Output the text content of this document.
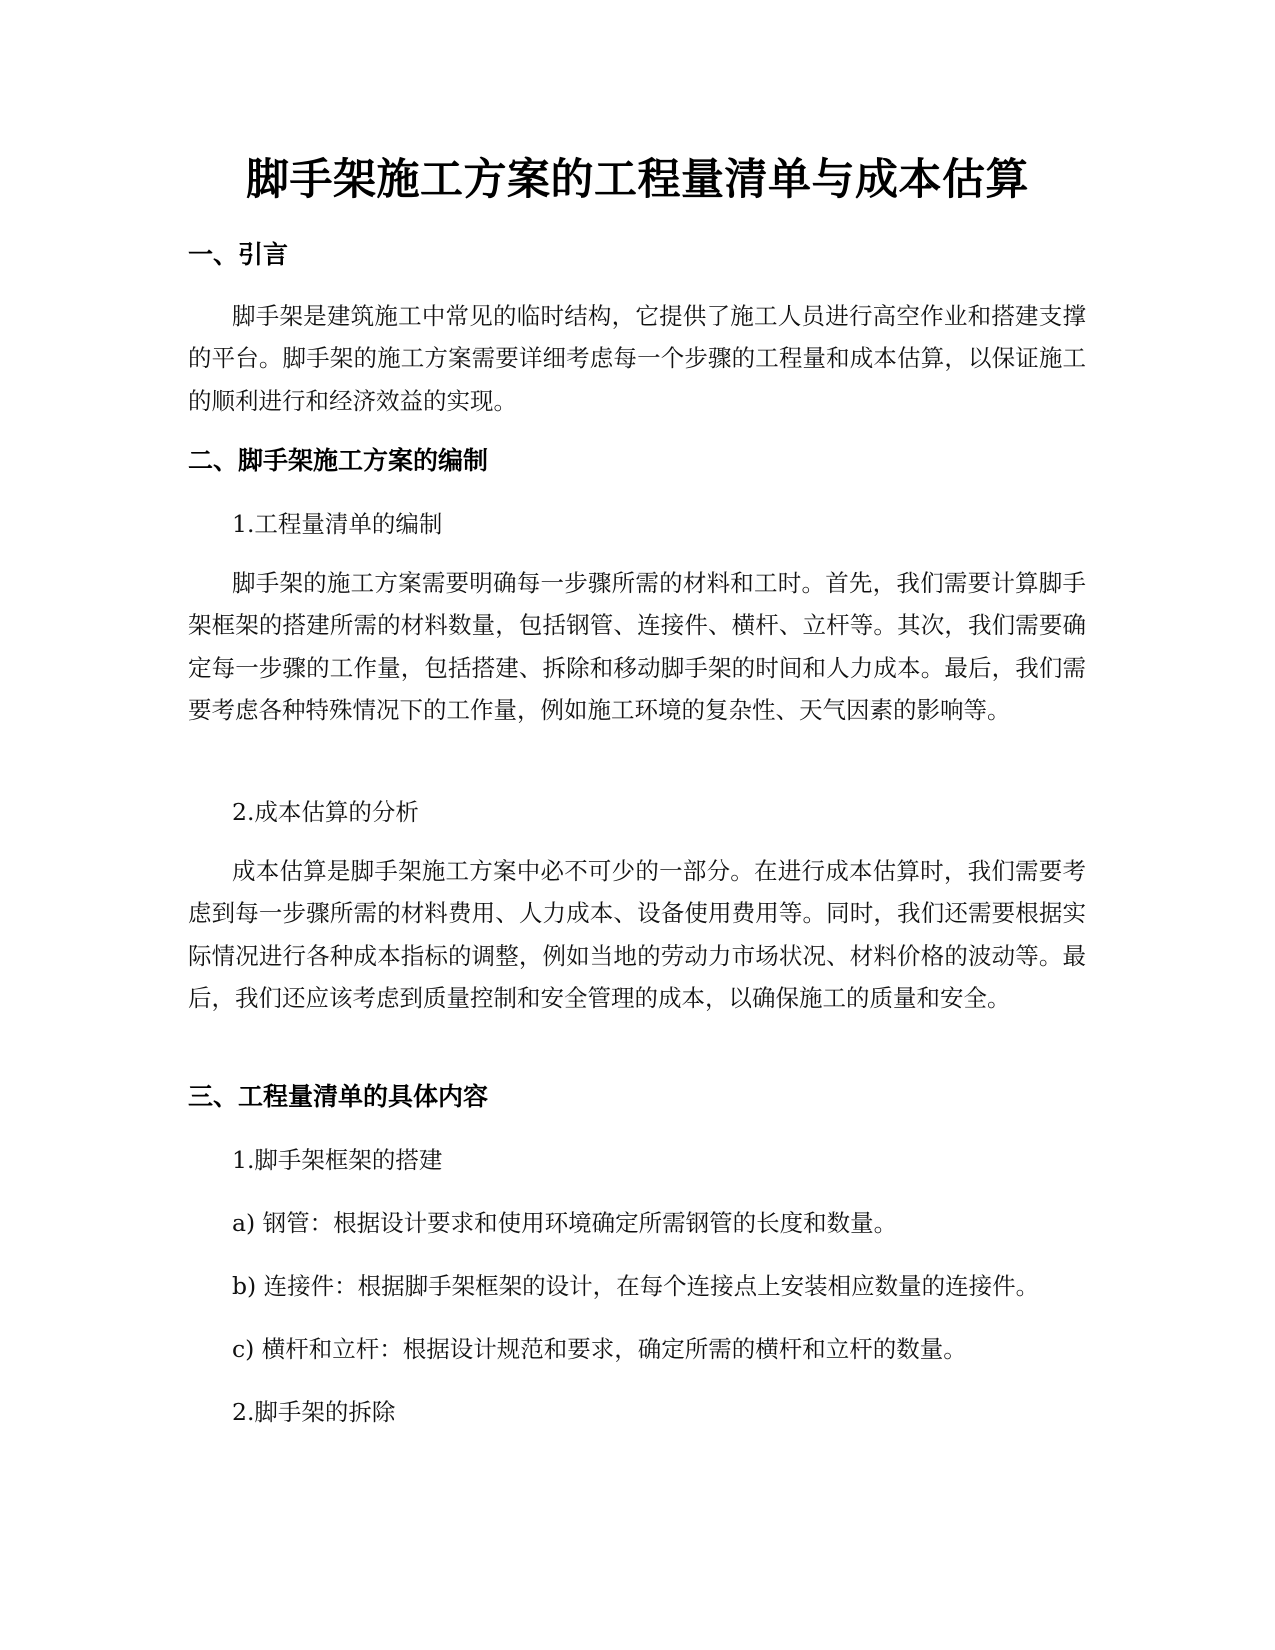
脚手架施工方案的工程量清单与成本估算
一、引言

脚手架是建筑施工中常见的临时结构，它提供了施工人员进行高空作业和搭建支撑的平台。脚手架的施工方案需要详细考虑每一个步骤的工程量和成本估算，以保证施工的顺利进行和经济效益的实现。

二、脚手架施工方案的编制

1.工程量清单的编制

脚手架的施工方案需要明确每一步骤所需的材料和工时。首先，我们需要计算脚手架框架的搭建所需的材料数量，包括钢管、连接件、横杆、立杆等。其次，我们需要确定每一步骤的工作量，包括搭建、拆除和移动脚手架的时间和人力成本。最后，我们需要考虑各种特殊情况下的工作量，例如施工环境的复杂性、天气因素的影响等。

2.成本估算的分析

成本估算是脚手架施工方案中必不可少的一部分。在进行成本估算时，我们需要考虑到每一步骤所需的材料费用、人力成本、设备使用费用等。同时，我们还需要根据实际情况进行各种成本指标的调整，例如当地的劳动力市场状况、材料价格的波动等。最后，我们还应该考虑到质量控制和安全管理的成本，以确保施工的质量和安全。

三、工程量清单的具体内容

1.脚手架框架的搭建

a) 钢管：根据设计要求和使用环境确定所需钢管的长度和数量。

b) 连接件：根据脚手架框架的设计，在每个连接点上安装相应数量的连接件。

c) 横杆和立杆：根据设计规范和要求，确定所需的横杆和立杆的数量。

2.脚手架的拆除
